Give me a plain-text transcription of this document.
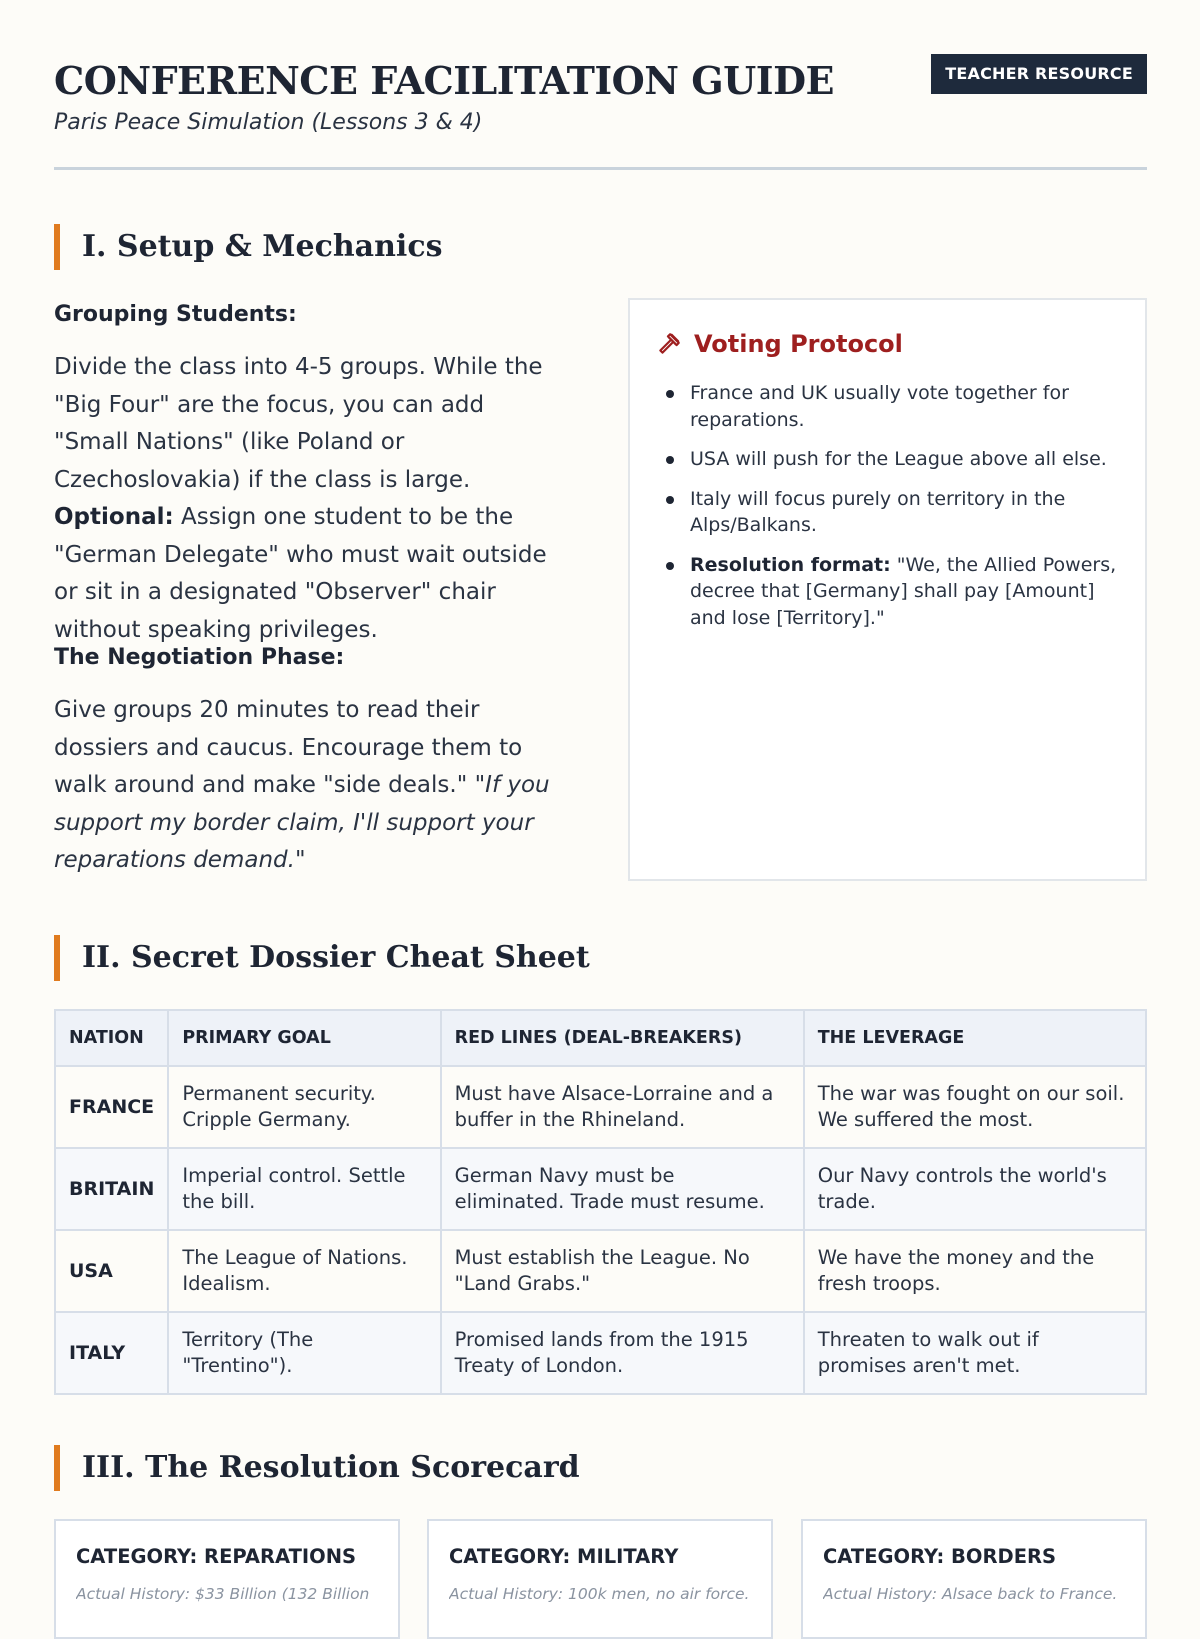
CONFERENCE FACILITATION GUIDE

Paris Peace Simulation (Lessons 3 & 4)

TEACHER RESOURCE
I. Setup & Mechanics

Grouping Students:

Divide the class into 4-5 groups. While the "Big Four" are the focus, you can add "Small Nations" (like Poland or Czechoslovakia) if the class is large. Optional: Assign one student to be the "German Delegate" who must wait outside or sit in a designated "Observer" chair without speaking privileges.

The Negotiation Phase:

Give groups 20 minutes to read their dossiers and caucus. Encourage them to walk around and make "side deals." "If you support my border claim, I'll support your reparations demand."

Voting Protocol
France and UK usually vote together for reparations.
USA will push for the League above all else.
Italy will focus purely on territory in the Alps/Balkans.
Resolution format: "We, the Allied Powers, decree that [Germany] shall pay [Amount] and lose [Territory]."
II. Secret Dossier Cheat Sheet
NATION	PRIMARY GOAL	RED LINES (DEAL-BREAKERS)	THE LEVERAGE
FRANCE	Permanent security. Cripple Germany.	Must have Alsace-Lorraine and a buffer in the Rhineland.	The war was fought on our soil. We suffered the most.
BRITAIN	Imperial control. Settle the bill.	German Navy must be eliminated. Trade must resume.	Our Navy controls the world's trade.
USA	The League of Nations. Idealism.	Must establish the League. No "Land Grabs."	We have the money and the fresh troops.
ITALY	Territory (The "Trentino").	Promised lands from the 1915 Treaty of London.	Threaten to walk out if promises aren't met.
III. The Resolution Scorecard

CATEGORY: REPARATIONS

Actual History: $33 Billion (132 Billion

CATEGORY: MILITARY

Actual History: 100k men, no air force.

CATEGORY: BORDERS

Actual History: Alsace back to France.
